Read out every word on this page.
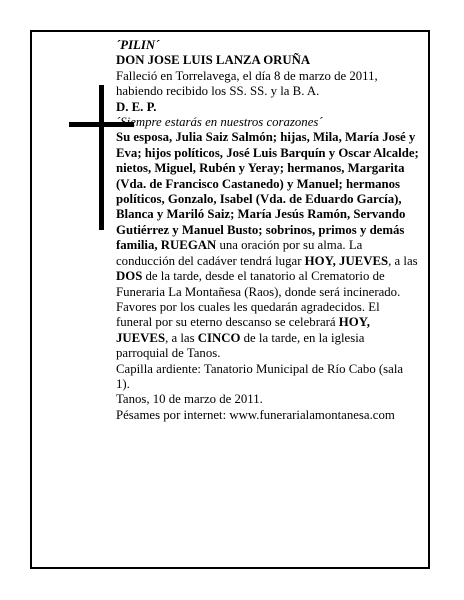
´PILIN´

DON JOSE LUIS LANZA ORUÑA

Falleció en Torrelavega, el día 8 de marzo de 2011, habiendo recibido los SS. SS. y la B. A.

D. E. P.

´Siempre estarás en nuestros corazones´

Su esposa, Julia Saiz Salmón; hijas, Mila, María José y Eva; hijos políticos, José Luis Barquín y Oscar Alcalde; nietos, Miguel, Rubén y Yeray; hermanos, Margarita (Vda. de Francisco Castanedo) y Manuel; hermanos políticos, Gonzalo, Isabel (Vda. de Eduardo García), Blanca y Mariló Saiz; María Jesús Ramón, Servando Gutiérrez y Manuel Busto; sobrinos, primos y demás familia, RUEGAN una oración por su alma. La conducción del cadáver tendrá lugar HOY, JUEVES, a las DOS de la tarde, desde el tanatorio al Crematorio de Funeraria La Montañesa (Raos), donde será incinerado. Favores por los cuales les quedarán agradecidos. El funeral por su eterno descanso se celebrará HOY, JUEVES, a las CINCO de la tarde, en la iglesia parroquial de Tanos.

Capilla ardiente: Tanatorio Municipal de Río Cabo (sala 1).

Tanos, 10 de marzo de 2011.

Pésames por internet: www.funerarialamontanesa.com
